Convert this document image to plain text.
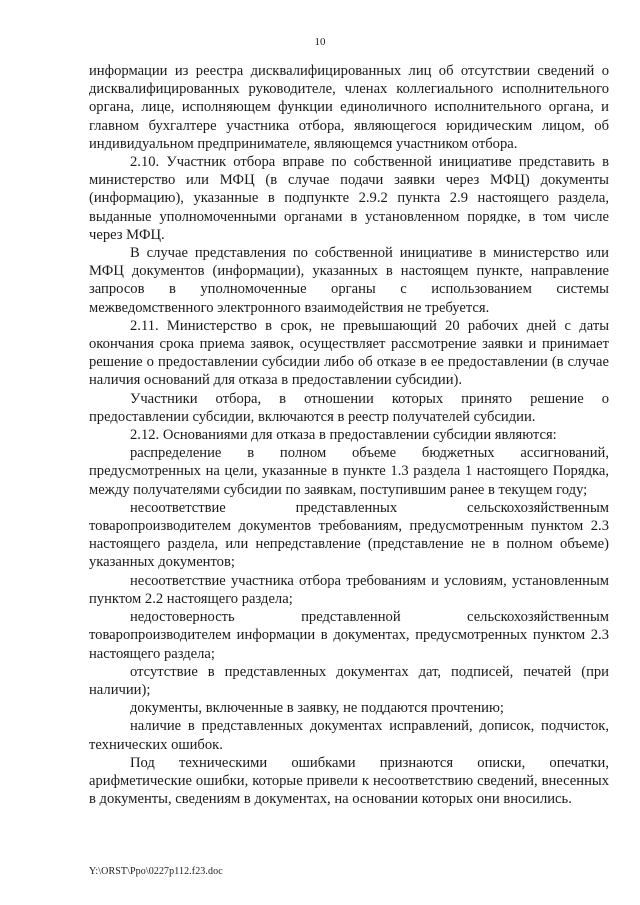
10

информации из реестра дисквалифицированных лиц об отсутствии сведений о дисквалифицированных руководителе, членах коллегиального исполнительного органа, лице, исполняющем функции единоличного исполнительного органа, и главном бухгалтере участника отбора, являющегося юридическим лицом, об индивидуальном предпринимателе, являющемся участником отбора.

2.10. Участник отбора вправе по собственной инициативе представить в министерство или МФЦ (в случае подачи заявки через МФЦ) документы (информацию), указанные в подпункте 2.9.2 пункта 2.9 настоящего раздела, выданные уполномоченными органами в установленном порядке, в том числе через МФЦ.

В случае представления по собственной инициативе в министерство или МФЦ документов (информации), указанных в настоящем пункте, направление запросов в уполномоченные органы с использованием системы межведомственного электронного взаимодействия не требуется.

2.11. Министерство в срок, не превышающий 20 рабочих дней с даты окончания срока приема заявок, осуществляет рассмотрение заявки и принимает решение о предоставлении субсидии либо об отказе в ее предоставлении (в случае наличия оснований для отказа в предоставлении субсидии).

Участники отбора, в отношении которых принято решение о предоставлении субсидии, включаются в реестр получателей субсидии.

2.12. Основаниями для отказа в предоставлении субсидии являются:

распределение в полном объеме бюджетных ассигнований, предусмотренных на цели, указанные в пункте 1.3 раздела 1 настоящего Порядка, между получателями субсидии по заявкам, поступившим ранее в текущем году;

несоответствие представленных сельскохозяйственным товаропроизводителем документов требованиям, предусмотренным пунктом 2.3 настоящего раздела, или непредставление (представление не в полном объеме) указанных документов;

несоответствие участника отбора требованиям и условиям, установленным пунктом 2.2 настоящего раздела;

недостоверность представленной сельскохозяйственным товаропроизводителем информации в документах, предусмотренных пунктом 2.3 настоящего раздела;

отсутствие в представленных документах дат, подписей, печатей (при наличии);

документы, включенные в заявку, не поддаются прочтению;

наличие в представленных документах исправлений, дописок, подчисток, технических ошибок.

Под техническими ошибками признаются описки, опечатки, арифметические ошибки, которые привели к несоответствию сведений, внесенных в документы, сведениям в документах, на основании которых они вносились.

Y:\ORST\Ppo\0227p112.f23.doc
